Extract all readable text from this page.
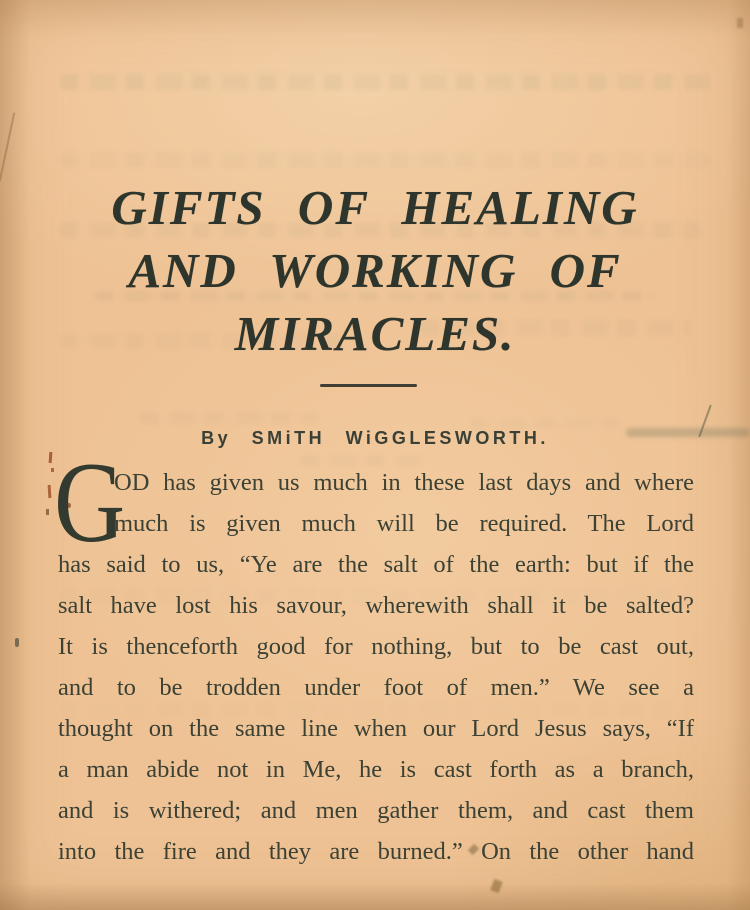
GIFTS OF HEALING
AND WORKING OF
MIRACLES.
By SMiTH WiGGLESWORTH.
G
OD has given us much in these last days and where
much is given much will be required. The Lord
has said to us, “Ye are the salt of the earth: but if the
salt have lost his savour, wherewith shall it be salted?
It is thenceforth good for nothing, but to be cast out,
and to be trodden under foot of men.” We see a
thought on the same line when our Lord Jesus says, “If
a man abide not in Me, he is cast forth as a branch,
and is withered; and men gather them, and cast them
into the fire and they are burned.” On the other hand
